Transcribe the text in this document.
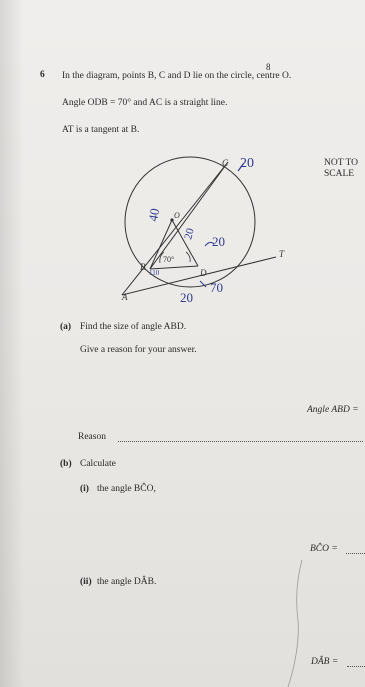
8
6 In the diagram, points B, C and D lie on the circle, centre O.
Angle ODB = 70° and AC is a straight line.
AT is a tangent at B.
NOT TO
SCALE
C
O
D
T
B
A
70°
20
40
20
20
70
20
110
(a) Find the size of angle ABD.
Give a reason for your answer.
Angle ABD =
Reason
(b) Calculate
(i) the angle BĈO,
BĈO =
(ii) the angle DÂB.
DÂB =
